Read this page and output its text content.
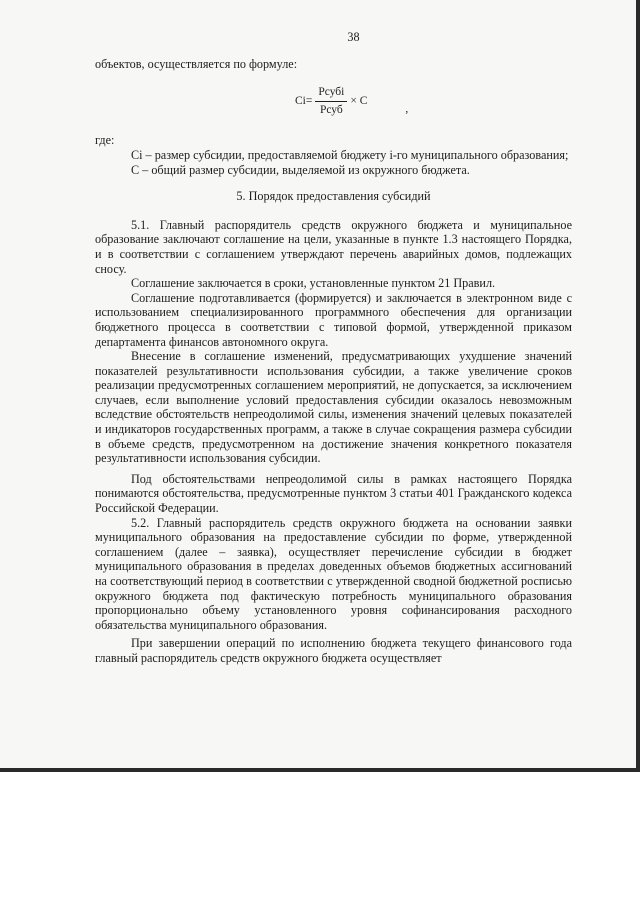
38

объектов, осуществляется по формуле:

$Ci= \frac{\text{Pсубi}}{\text{Pсуб}} \times C$
,

где:

Ci – размер субсидии, предоставляемой бюджету i-го муниципального образования;

С – общий размер субсидии, выделяемой из окружного бюджета.

5. Порядок предоставления субсидий

5.1. Главный распорядитель средств окружного бюджета и муниципальное образование заключают соглашение на цели, указанные в пункте 1.3 настоящего Порядка, и в соответствии с соглашением утверждают перечень аварийных домов, подлежащих сносу.

Соглашение заключается в сроки, установленные пунктом 21 Правил.

Соглашение подготавливается (формируется) и заключается в электронном виде с использованием специализированного программного обеспечения для организации бюджетного процесса в соответствии с типовой формой, утвержденной приказом департамента финансов автономного округа.

Внесение в соглашение изменений, предусматривающих ухудшение значений показателей результативности использования субсидии, а также увеличение сроков реализации предусмотренных соглашением мероприятий, не допускается, за исключением случаев, если выполнение условий предоставления субсидии оказалось невозможным вследствие обстоятельств непреодолимой силы, изменения значений целевых показателей и индикаторов государственных программ, а также в случае сокращения размера субсидии в объеме средств, предусмотренном на достижение значения конкретного показателя результативности использования субсидии.

Под обстоятельствами непреодолимой силы в рамках настоящего Порядка понимаются обстоятельства, предусмотренные пунктом 3 статьи 401 Гражданского кодекса Российской Федерации.

5.2. Главный распорядитель средств окружного бюджета на основании заявки муниципального образования на предоставление субсидии по форме, утвержденной соглашением (далее – заявка), осуществляет перечисление субсидии в бюджет муниципального образования в пределах доведенных объемов бюджетных ассигнований на соответствующий период в соответствии с утвержденной сводной бюджетной росписью окружного бюджета под фактическую потребность муниципального образования пропорционально объему установленного уровня софинансирования расходного обязательства муниципального образования.

При завершении операций по исполнению бюджета текущего финансового года главный распорядитель средств окружного бюджета осуществляет
